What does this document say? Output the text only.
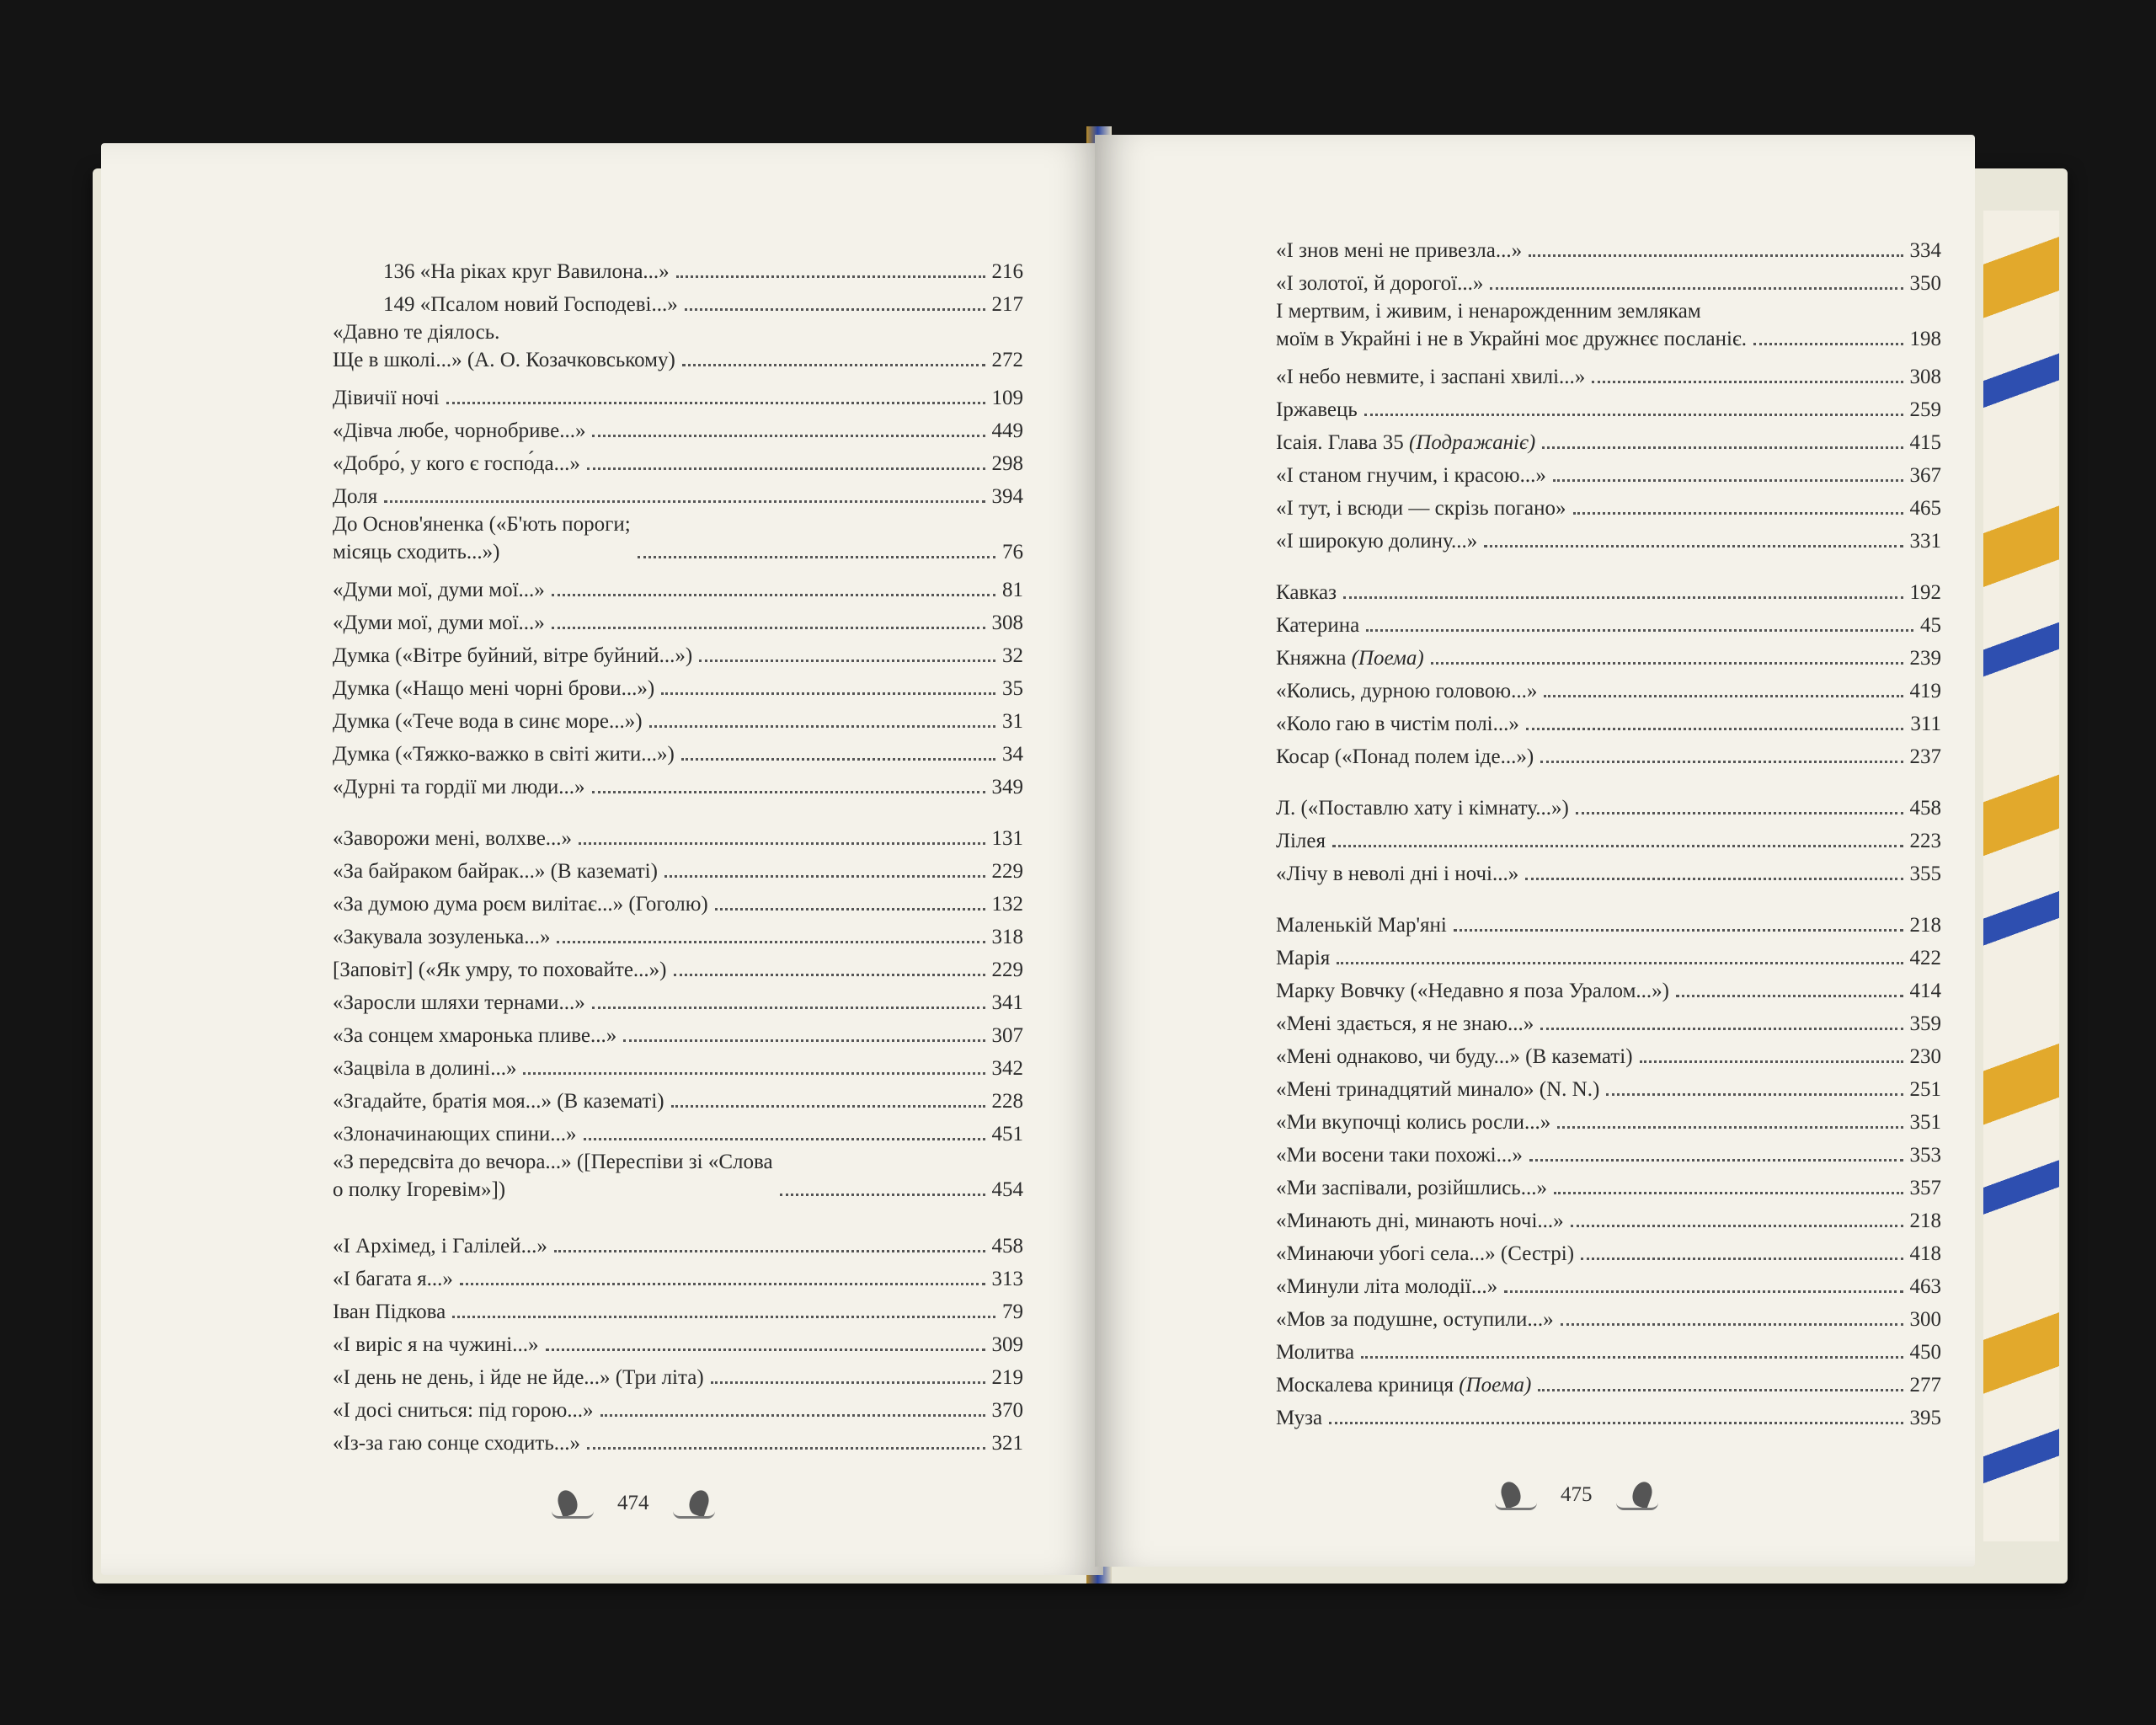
136 «На ріках круг Вавилона...»	216
149 «Псалом новий Господеві...»	217
«Давно те діялось.
Ще в школі...» (А. О. Козачковському)	272
Дівичії ночі	109
«Дівча любе, чорнобриве...»	449
«Добро́, у кого є госпо́да...»	298
Доля	394
До Основ'яненка («Б'ють пороги;
місяць сходить...»)	76
«Думи мої, думи мої...»	81
«Думи мої, думи мої...»	308
Думка («Вітре буйний, вітре буйний...»)	32
Думка («Нащо мені чорні брови...»)	35
Думка («Тече вода в синє море...»)	31
Думка («Тяжко-важко в світі жити...»)	34
«Дурні та гордії ми люди...»	349
«Заворожи мені, волхве...»	131
«За байраком байрак...» (В казематі)	229
«За думою дума роєм вилітає...» (Гоголю)	132
«Закувала зозуленька...»	318
[Заповіт] («Як умру, то поховайте...»)	229
«Заросли шляхи тернами...»	341
«За сонцем хмаронька пливе...»	307
«Зацвіла в долині...»	342
«Згадайте, братія моя...» (В казематі)	228
«Злоначинающих спини...»	451
«З передсвіта до вечора...» ([Переспіви зі «Слова
о полку Ігоревім»])	454
«І Архімед, і Галілей...»	458
«І багата я...»	313
Іван Підкова	79
«І виріс я на чужині...»	309
«І день не день, і йде не йде...» (Три літа)	219
«І досі сниться: під горою...»	370
«Із-за гаю сонце сходить...»	321
474
«І знов мені не привезла...»	334
«І золотої, й дорогої...»	350
І мертвим, і живим, і ненарожденним землякам
моїм в Украйні і не в Украйні моє дружнєє посланіє.	198
«І небо невмите, і заспані хвилі...»	308
Іржавець	259
Ісаія. Глава 35 (Подражаніє)	415
«І станом гнучим, і красою...»	367
«І тут, і всюди — скрізь погано»	465
«І широкую долину...»	331
Кавказ	192
Катерина	45
Княжна (Поема)	239
«Колись, дурною головою...»	419
«Коло гаю в чистім полі...»	311
Косар («Понад полем іде...»)	237
Л. («Поставлю хату і кімнату...»)	458
Лілея	223
«Лічу в неволі дні і ночі...»	355
Маленькій Мар'яні	218
Марія	422
Марку Вовчку («Недавно я поза Уралом...»)	414
«Мені здається, я не знаю...»	359
«Мені однаково, чи буду...» (В казематі)	230
«Мені тринадцятий минало» (N. N.)	251
«Ми вкупочці колись росли...»	351
«Ми восени таки похожі...»	353
«Ми заспівали, розійшлись...»	357
«Минають дні, минають ночі...»	218
«Минаючи убогі села...» (Сестрі)	418
«Минули літа молодії...»	463
«Мов за подушне, оступили...»	300
Молитва	450
Москалева криниця (Поема)	277
Муза	395
475
